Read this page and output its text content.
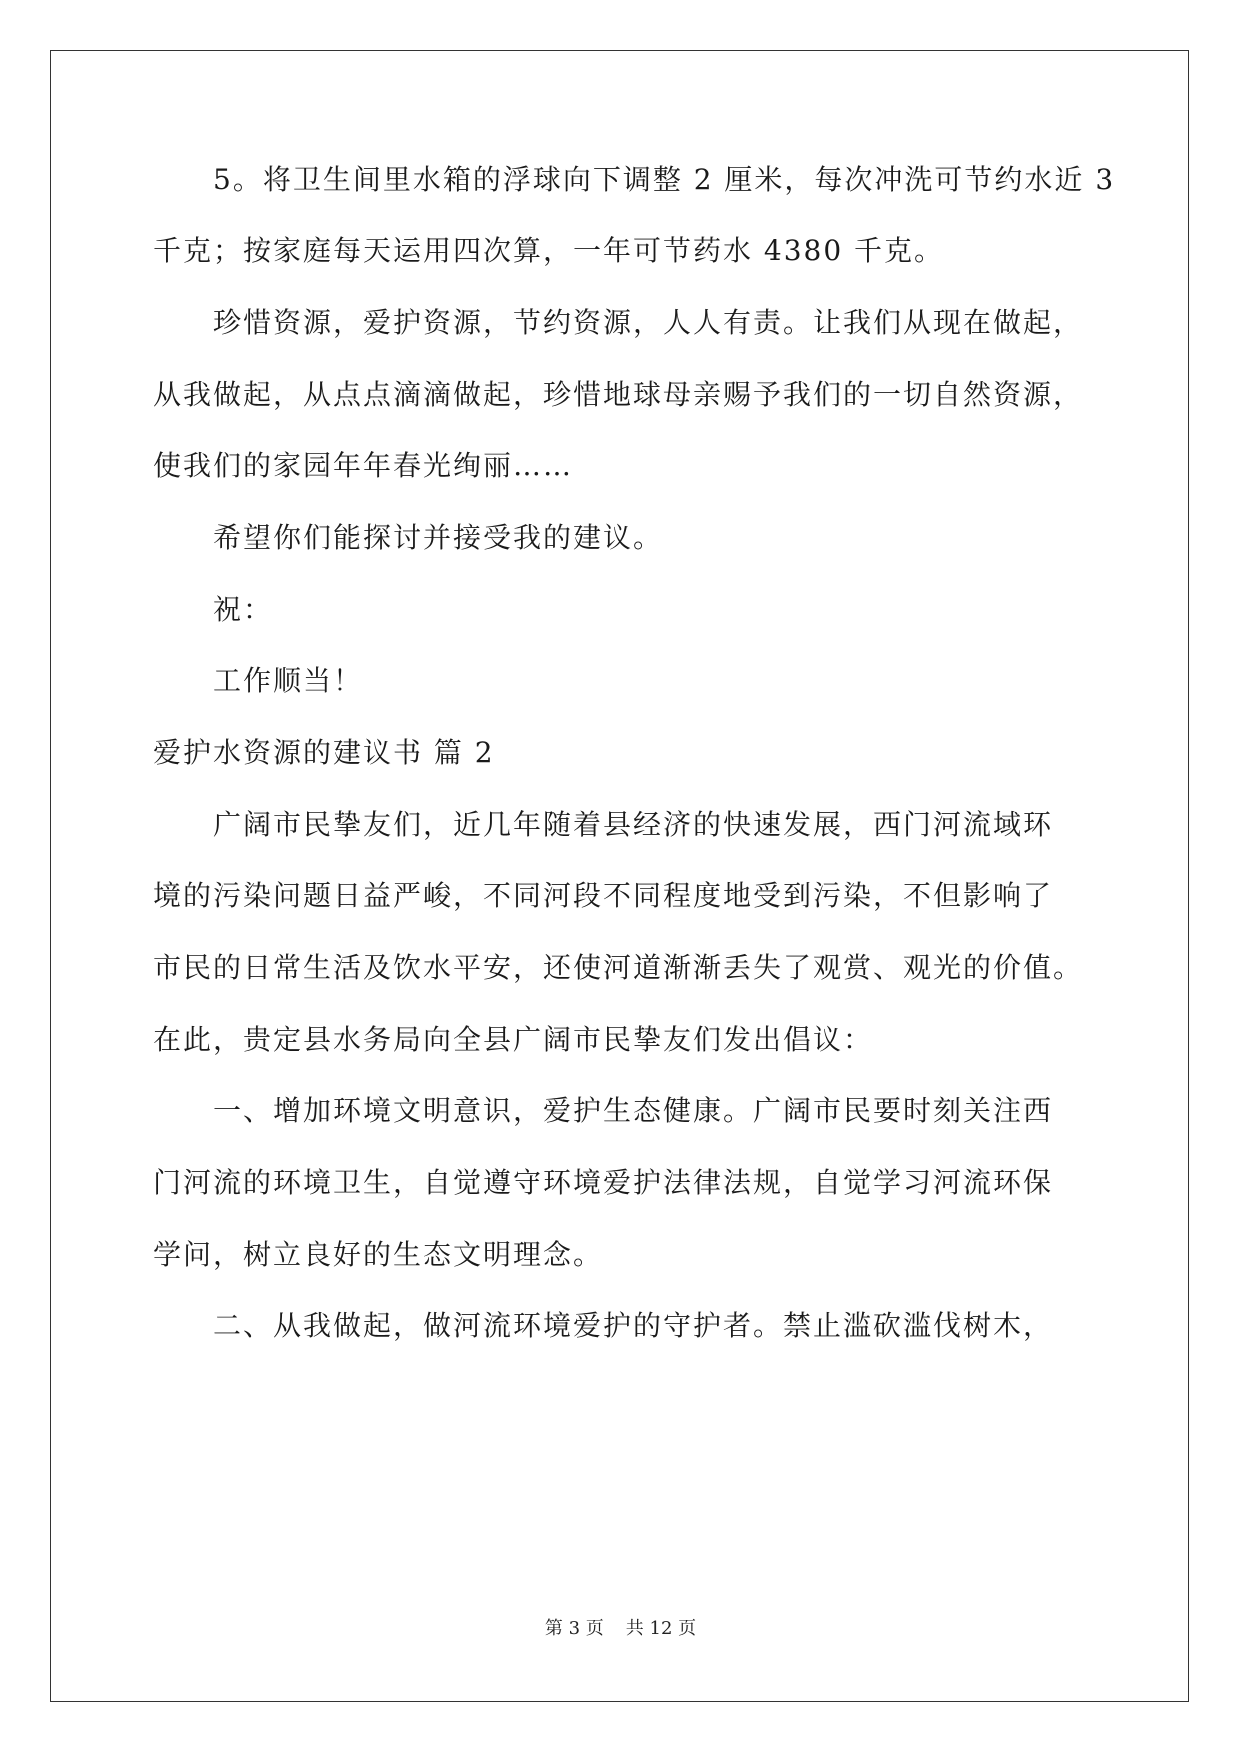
5。将卫生间里水箱的浮球向下调整 2 厘米，每次冲洗可节约水近 3

千克；按家庭每天运用四次算，一年可节药水 4380 千克。

珍惜资源，爱护资源，节约资源，人人有责。让我们从现在做起，

从我做起，从点点滴滴做起，珍惜地球母亲赐予我们的一切自然资源，

使我们的家园年年春光绚丽……

希望你们能探讨并接受我的建议。

祝：

工作顺当！

爱护水资源的建议书 篇 2

广阔市民挚友们，近几年随着县经济的快速发展，西门河流域环

境的污染问题日益严峻，不同河段不同程度地受到污染，不但影响了

市民的日常生活及饮水平安，还使河道渐渐丢失了观赏、观光的价值。

在此，贵定县水务局向全县广阔市民挚友们发出倡议：

一、增加环境文明意识，爱护生态健康。广阔市民要时刻关注西

门河流的环境卫生，自觉遵守环境爱护法律法规，自觉学习河流环保

学问，树立良好的生态文明理念。

二、从我做起，做河流环境爱护的守护者。禁止滥砍滥伐树木，

第 3 页 共 12 页
